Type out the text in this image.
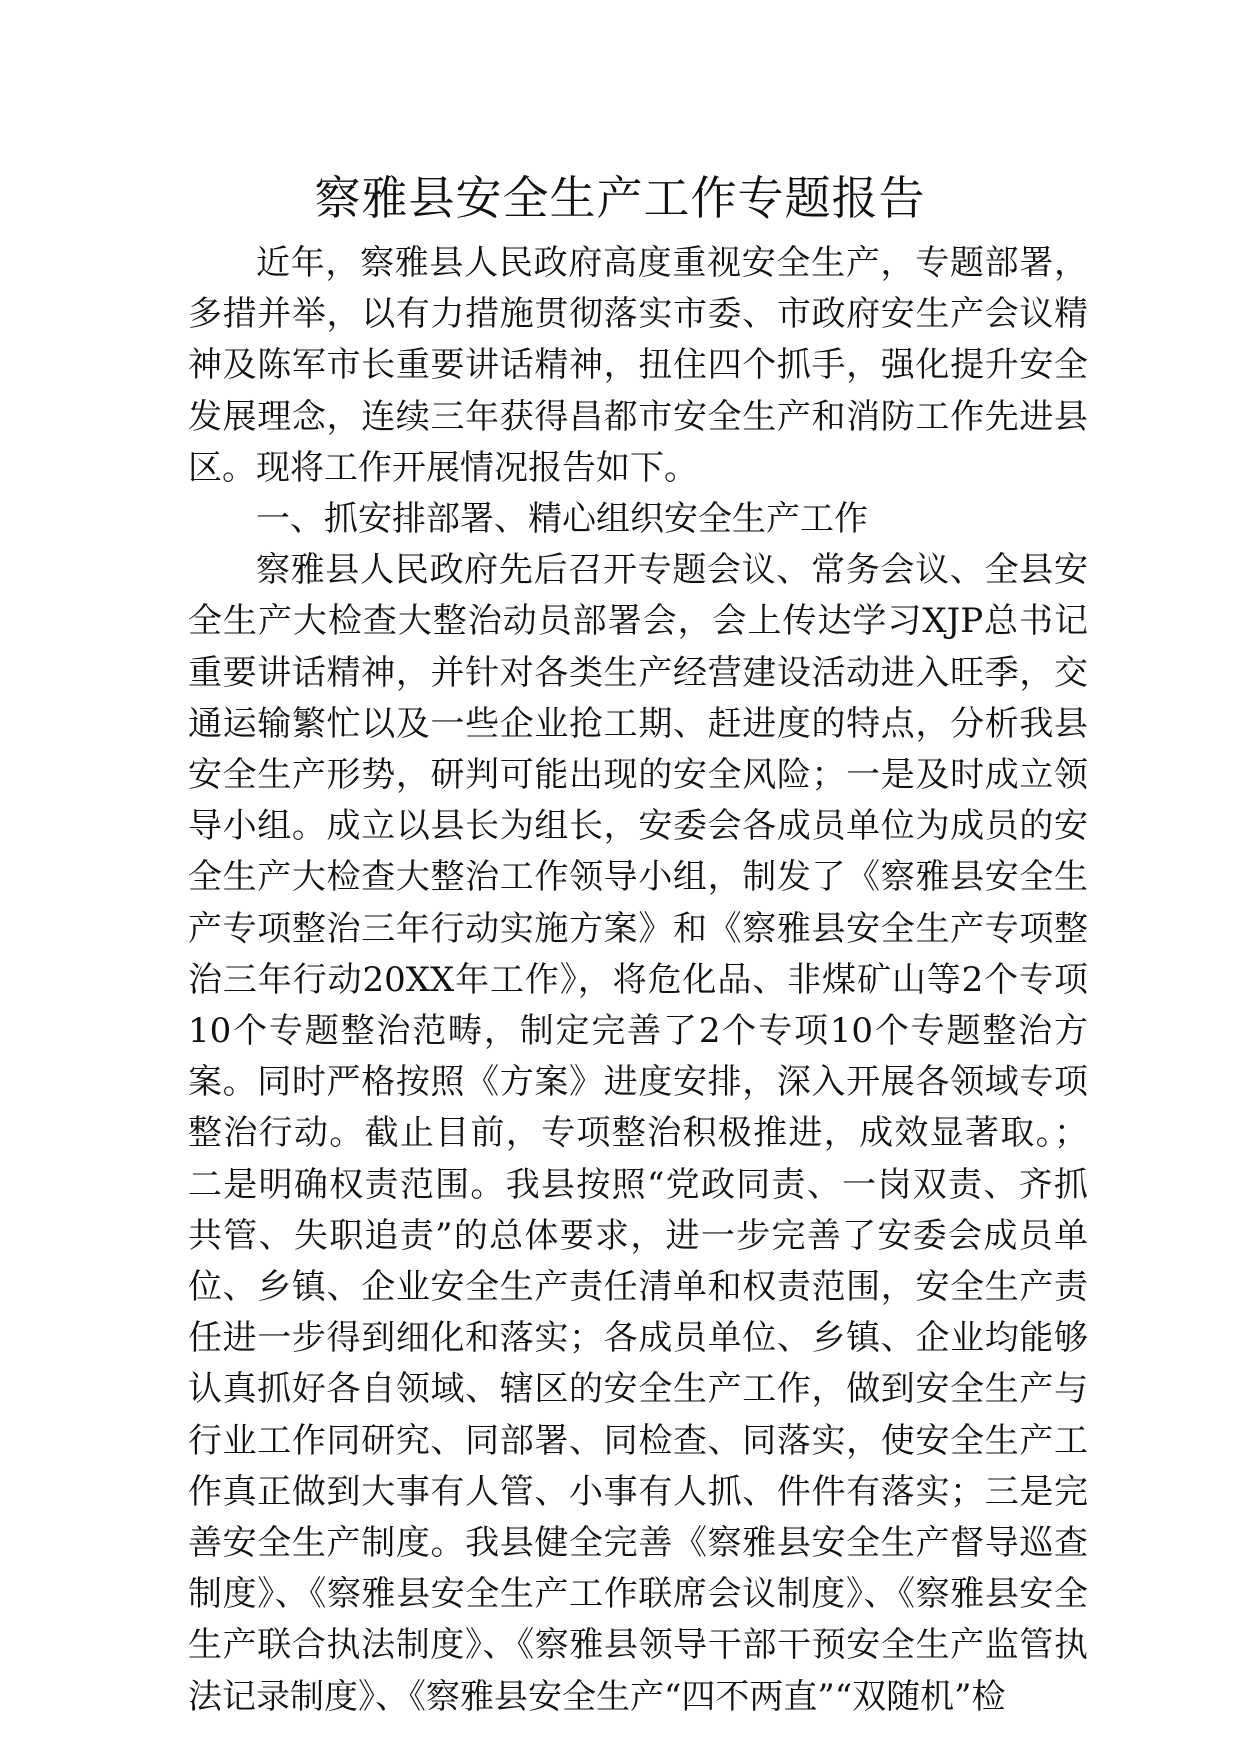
察雅县安全生产工作专题报告

近年，察雅县人民政府高度重视安全生产，专题部署，多措并举，以有力措施贯彻落实市委、市政府安生产会议精神及陈军市长重要讲话精神，扭住四个抓手，强化提升安全发展理念，连续三年获得昌都市安全生产和消防工作先进县区。现将工作开展情况报告如下。

一、抓安排部署、精心组织安全生产工作

察雅县人民政府先后召开专题会议、常务会议、全县安全生产大检查大整治动员部署会，会上传达学习XJP总书记重要讲话精神，并针对各类生产经营建设活动进入旺季，交通运输繁忙以及一些企业抢工期、赶进度的特点，分析我县安全生产形势，研判可能出现的安全风险；一是及时成立领导小组。成立以县长为组长，安委会各成员单位为成员的安全生产大检查大整治工作领导小组，制发了《察雅县安全生产专项整治三年行动实施方案》和《察雅县安全生产专项整治三年行动20XX年工作》，将危化品、非煤矿山等2个专项10个专题整治范畴，制定完善了2个专项10个专题整治方案。同时严格按照《方案》进度安排，深入开展各领域专项整治行动。截止目前，专项整治积极推进，成效显著取。；二是明确权责范围。我县按照“党政同责、一岗双责、齐抓共管、失职追责”的总体要求，进一步完善了安委会成员单位、乡镇、企业安全生产责任清单和权责范围，安全生产责任进一步得到细化和落实；各成员单位、乡镇、企业均能够认真抓好各自领域、辖区的安全生产工作，做到安全生产与行业工作同研究、同部署、同检查、同落实，使安全生产工作真正做到大事有人管、小事有人抓、件件有落实；三是完善安全生产制度。我县健全完善《察雅县安全生产督导巡查制度》、《察雅县安全生产工作联席会议制度》、《察雅县安全生产联合执法制度》、《察雅县领导干部干预安全生产监管执法记录制度》、《察雅县安全生产“四不两直”“双随机”检
